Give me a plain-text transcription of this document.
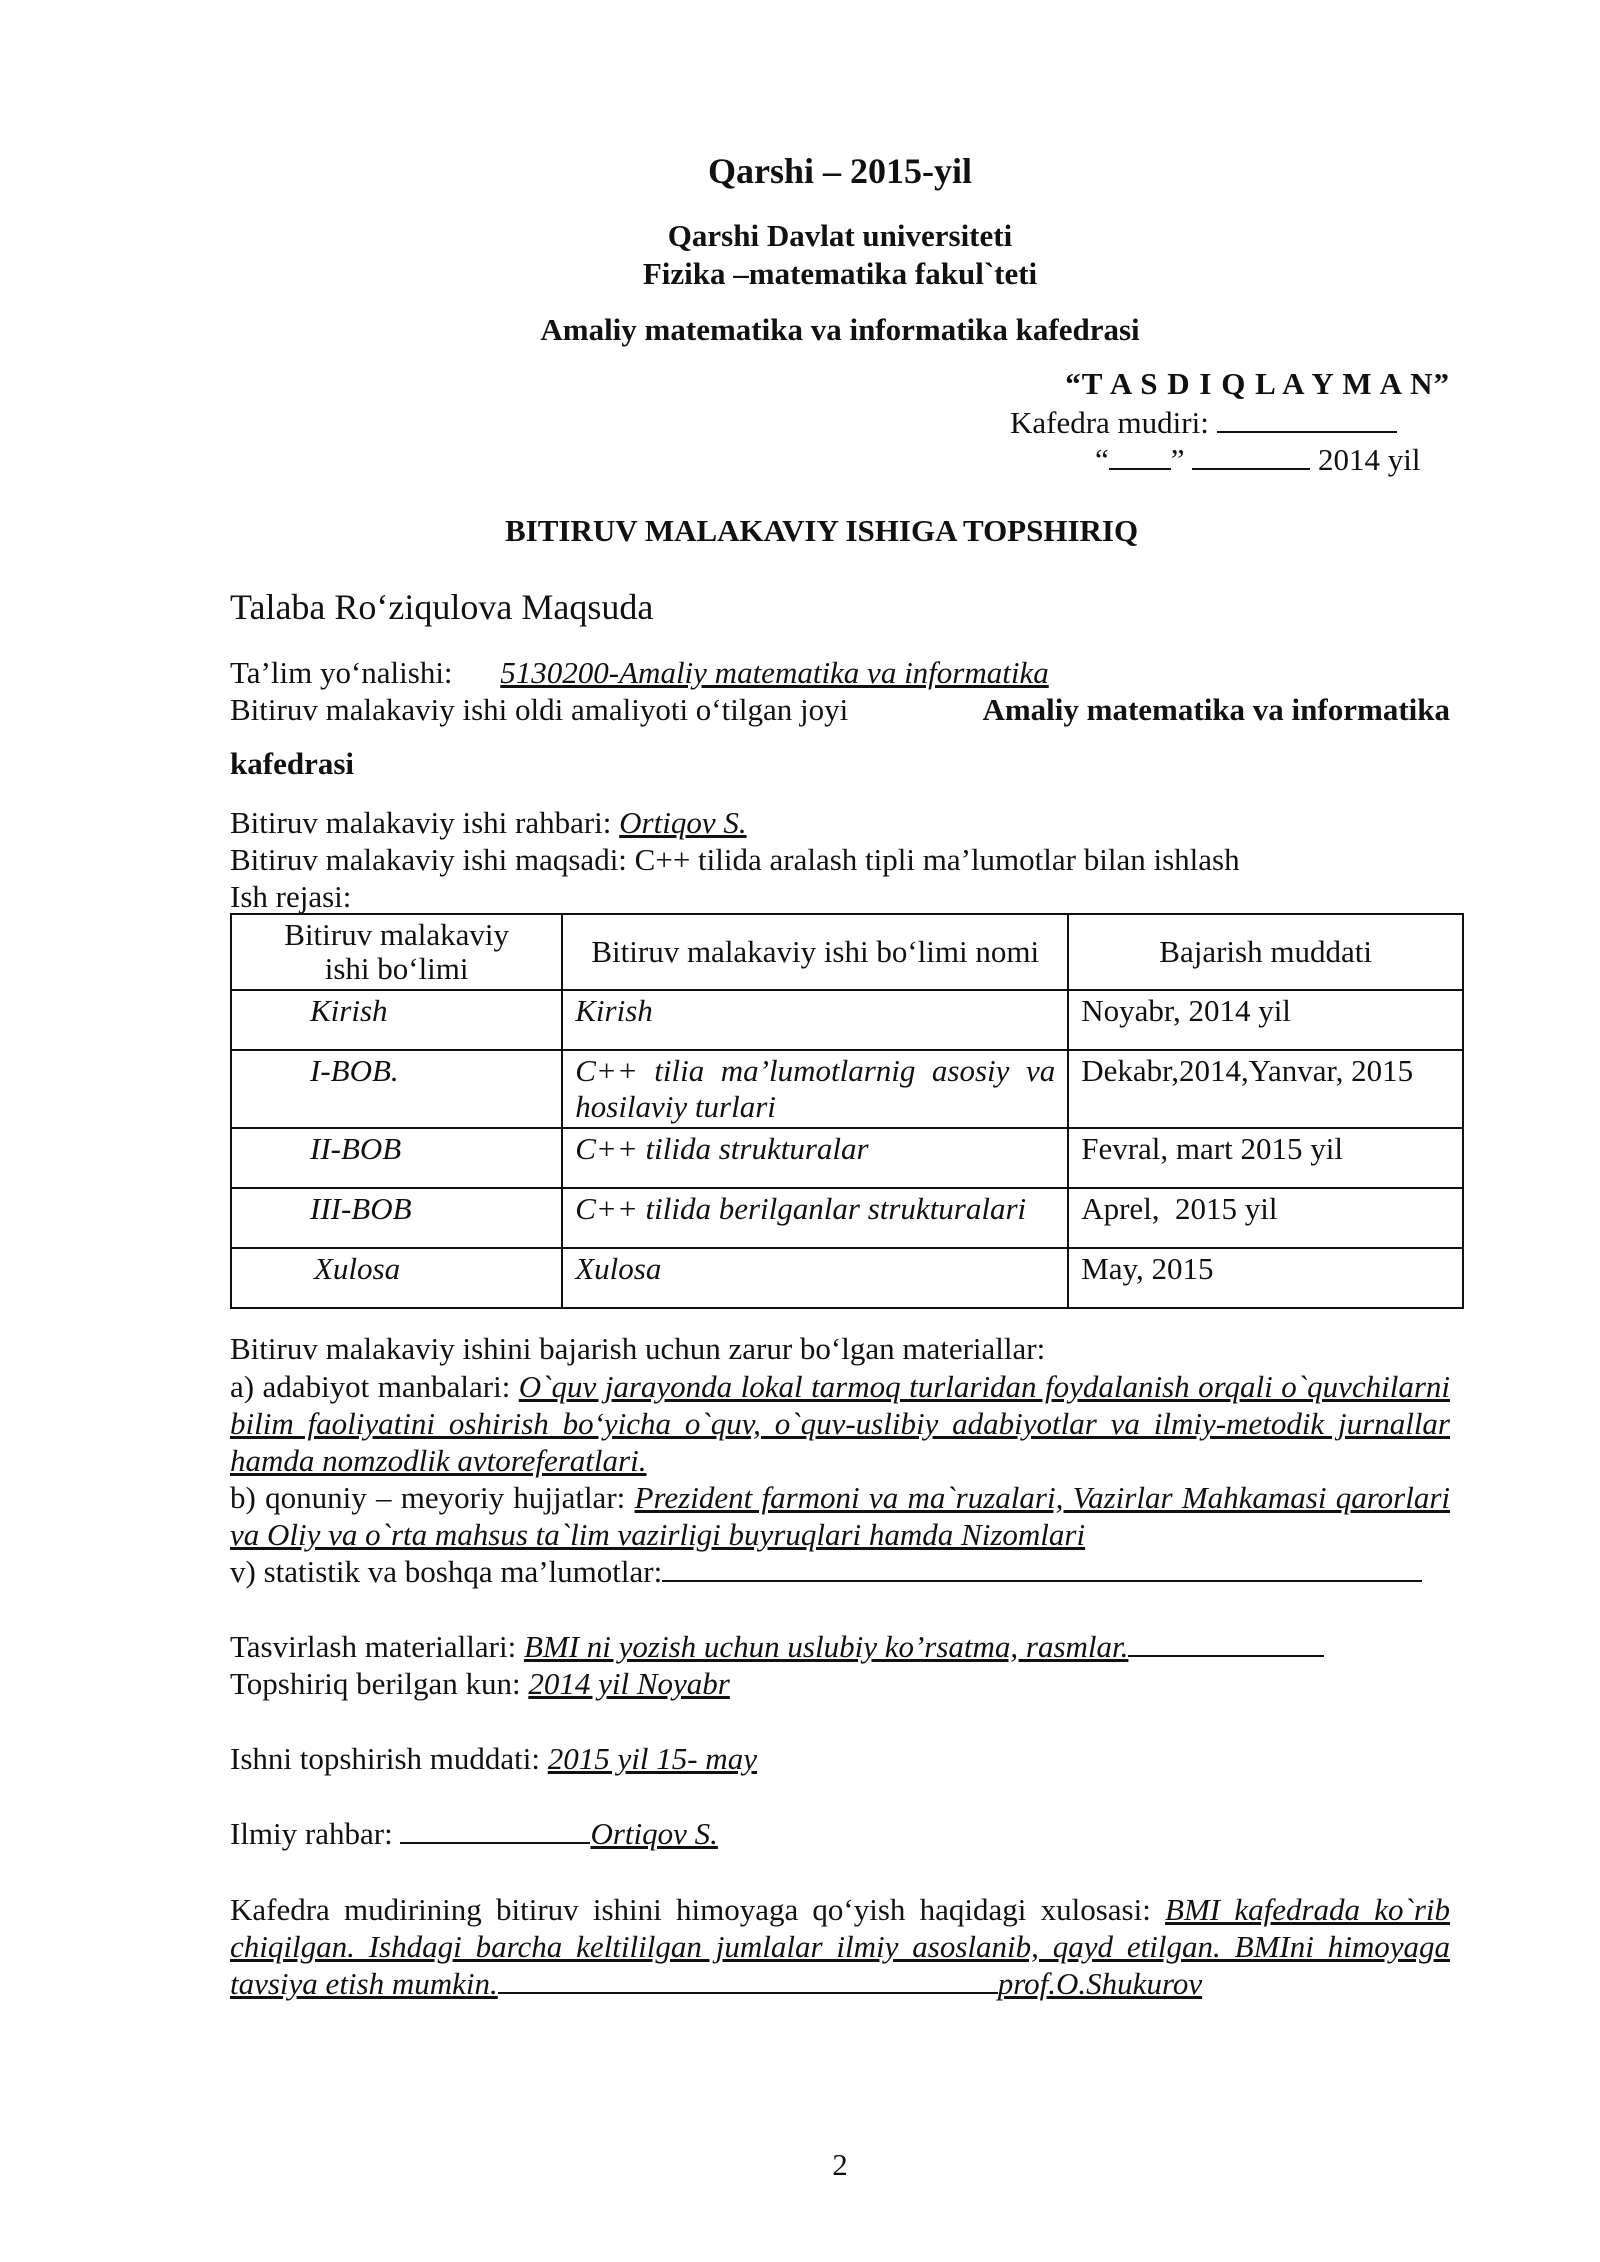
Qarshi – 2015-yil
Qarshi Davlat universiteti
Fizika –matematika fakul`teti
Amaliy matematika va informatika kafedrasi
“T A S D I Q L A Y M A N”
Kafedra mudiri:
“ ”	2014 yil
BITIRUV MALAKAVIY ISHIGA TOPSHIRIQ
Talaba Ro‘ziqulova Maqsuda
Ta’lim yo‘nalishi: 5130200-Amaliy matematika va informatika
Bitiruv malakaviy ishi oldi amaliyoti o‘tilgan joyi	Amaliy matematika va informatika
kafedrasi
Bitiruv malakaviy ishi rahbari: Ortiqov S.
Bitiruv malakaviy ishi maqsadi: C++ tilida aralash tipli ma’lumotlar bilan ishlash
Ish rejasi:
Bitiruv malakaviy ishi bo‘limi	Bitiruv malakaviy ishi bo‘limi nomi	Bajarish muddati

Kirish	Kirish	Noyabr, 2014 yil

I-BOB.	C++ tilia ma’lumotlarnig asosiy va hosilaviy turlari	Dekabr,2014,Yanvar, 2015

II-BOB	C++ tilida strukturalar	Fevral, mart 2015 yil

III-BOB	C++ tilida berilganlar strukturalari	Aprel,  2015 yil

Xulosa	Xulosa	May, 2015
Bitiruv malakaviy ishini bajarish uchun zarur bo‘lgan materiallar:
a) adabiyot manbalari: O`quv jarayonda lokal tarmoq turlaridan foydalanish orqali o`quvchilarni bilim faoliyatini oshirish bo‘yicha o`quv, o`quv-uslibiy adabiyotlar va ilmiy-metodik jurnallar hamda nomzodlik avtoreferatlari.
b) qonuniy – meyoriy hujjatlar: Prezident farmoni va ma`ruzalari, Vazirlar Mahkamasi qarorlari va Oliy va o`rta mahsus ta`lim vazirligi buyruqlari hamda Nizomlari
v) statistik va boshqa ma’lumotlar:
Tasvirlash materiallari: BMI ni yozish uchun uslubiy ko’rsatma, rasmlar.
Topshiriq berilgan kun: 2014 yil Noyabr
Ishni topshirish muddati: 2015 yil 15- may
Ilmiy rahbar:	Ortiqov S.
Kafedra mudirining bitiruv ishini himoyaga qo‘yish haqidagi xulosasi: BMI kafedrada ko`rib chiqilgan. Ishdagi barcha keltililgan jumlalar ilmiy asoslanib, qayd etilgan. BMIni himoyaga tavsiya etish mumkin.	prof.O.Shukurov
2
